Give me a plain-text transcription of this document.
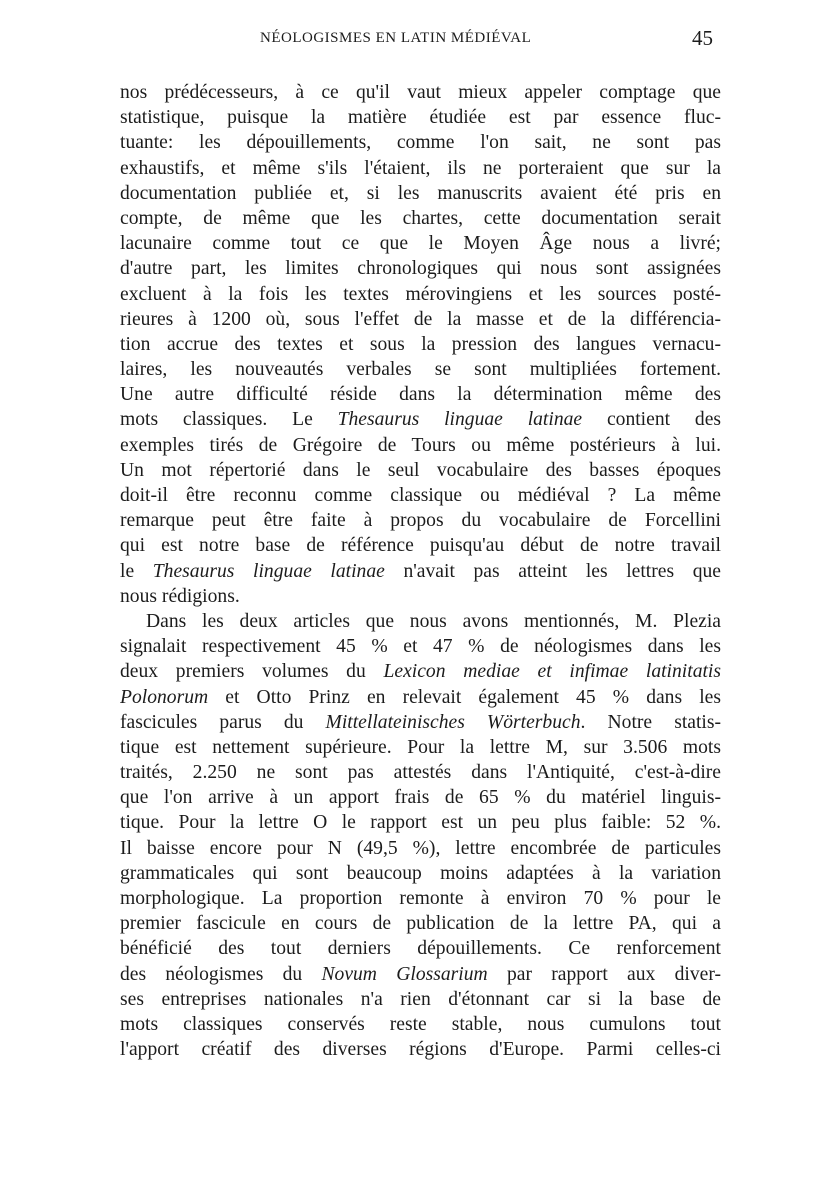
NÉOLOGISMES EN LATIN MÉDIÉVAL	45
nos prédécesseurs, à ce qu'il vaut mieux appeler comptage que
statistique, puisque la matière étudiée est par essence fluc-
tuante: les dépouillements, comme l'on sait, ne sont pas
exhaustifs, et même s'ils l'étaient, ils ne porteraient que sur la
documentation publiée et, si les manuscrits avaient été pris en
compte, de même que les chartes, cette documentation serait
lacunaire comme tout ce que le Moyen Âge nous a livré;
d'autre part, les limites chronologiques qui nous sont assignées
excluent à la fois les textes mérovingiens et les sources posté-
rieures à 1200 où, sous l'effet de la masse et de la différencia-
tion accrue des textes et sous la pression des langues vernacu-
laires, les nouveautés verbales se sont multipliées fortement.
Une autre difficulté réside dans la détermination même des
mots classiques. Le Thesaurus linguae latinae contient des
exemples tirés de Grégoire de Tours ou même postérieurs à lui.
Un mot répertorié dans le seul vocabulaire des basses époques
doit-il être reconnu comme classique ou médiéval ? La même
remarque peut être faite à propos du vocabulaire de Forcellini
qui est notre base de référence puisqu'au début de notre travail
le Thesaurus linguae latinae n'avait pas atteint les lettres que
nous rédigions.
Dans les deux articles que nous avons mentionnés, M. Plezia
signalait respectivement 45 % et 47 % de néologismes dans les
deux premiers volumes du Lexicon mediae et infimae latinitatis
Polonorum et Otto Prinz en relevait également 45 % dans les
fascicules parus du Mittellateinisches Wörterbuch. Notre statis-
tique est nettement supérieure. Pour la lettre M, sur 3.506 mots
traités, 2.250 ne sont pas attestés dans l'Antiquité, c'est-à-dire
que l'on arrive à un apport frais de 65 % du matériel linguis-
tique. Pour la lettre O le rapport est un peu plus faible: 52 %.
Il baisse encore pour N (49,5 %), lettre encombrée de particules
grammaticales qui sont beaucoup moins adaptées à la variation
morphologique. La proportion remonte à environ 70 % pour le
premier fascicule en cours de publication de la lettre PA, qui a
bénéficié des tout derniers dépouillements. Ce renforcement
des néologismes du Novum Glossarium par rapport aux diver-
ses entreprises nationales n'a rien d'étonnant car si la base de
mots classiques conservés reste stable, nous cumulons tout
l'apport créatif des diverses régions d'Europe. Parmi celles-ci
